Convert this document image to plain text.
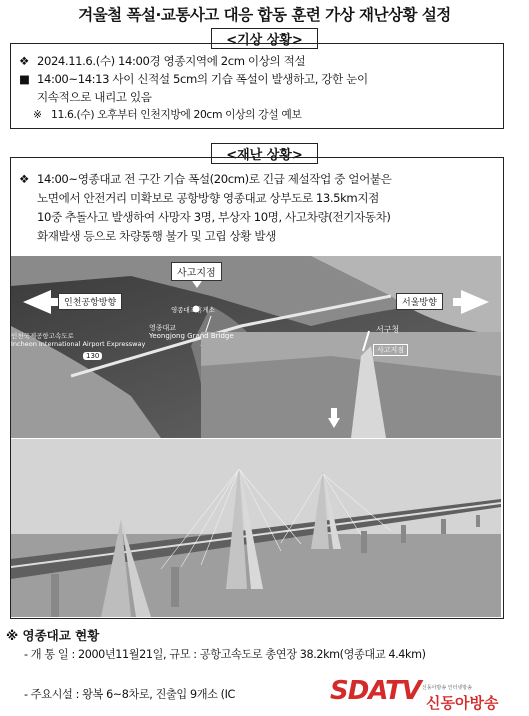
겨울철 폭설·교통사고 대응 합동 훈련 가상 재난상황 설정
<기상 상황>
❖ 2024.11.6.(수) 14:00경 영종지역에 2cm 이상의 적설
■ 14:00~14:13 사이 신적설 5cm의 기습 폭설이 발생하고, 강한 눈이
지속적으로 내리고 있음
※ 11.6.(수) 오후부터 인천지방에 20cm 이상의 강설 예보
<재난 상황>
❖ 14:00~영종대교 전 구간 기습 폭설(20cm)로 긴급 제설작업 중 얼어붙은
노면에서 안전거리 미확보로 공항방향 영종대교 상부도로 13.5km지점
10중 추돌사고 발생하여 사망자 3명, 부상자 10명, 사고차량(전기자동차)
화재발생 등으로 차량통행 불가 및 고립 상황 발생
인천공항방향	서울방향
사고지점
인천국제공항고속도로
Incheon International Airport Expressway
영종대교
Yeongjong Grand Bridge
영종대교휴게소
서구청
130
사고지점
※ 영종대교 현황
- 개 통 일 : 2000년11월21일, 규모 : 공항고속도로 총연장 38.2km(영종대교 4.4km)
- 주요시설 : 왕복 6~8차로, 진출입 9개소 (IC	SDATV 신동아방송 인터넷방송
신동아방송
